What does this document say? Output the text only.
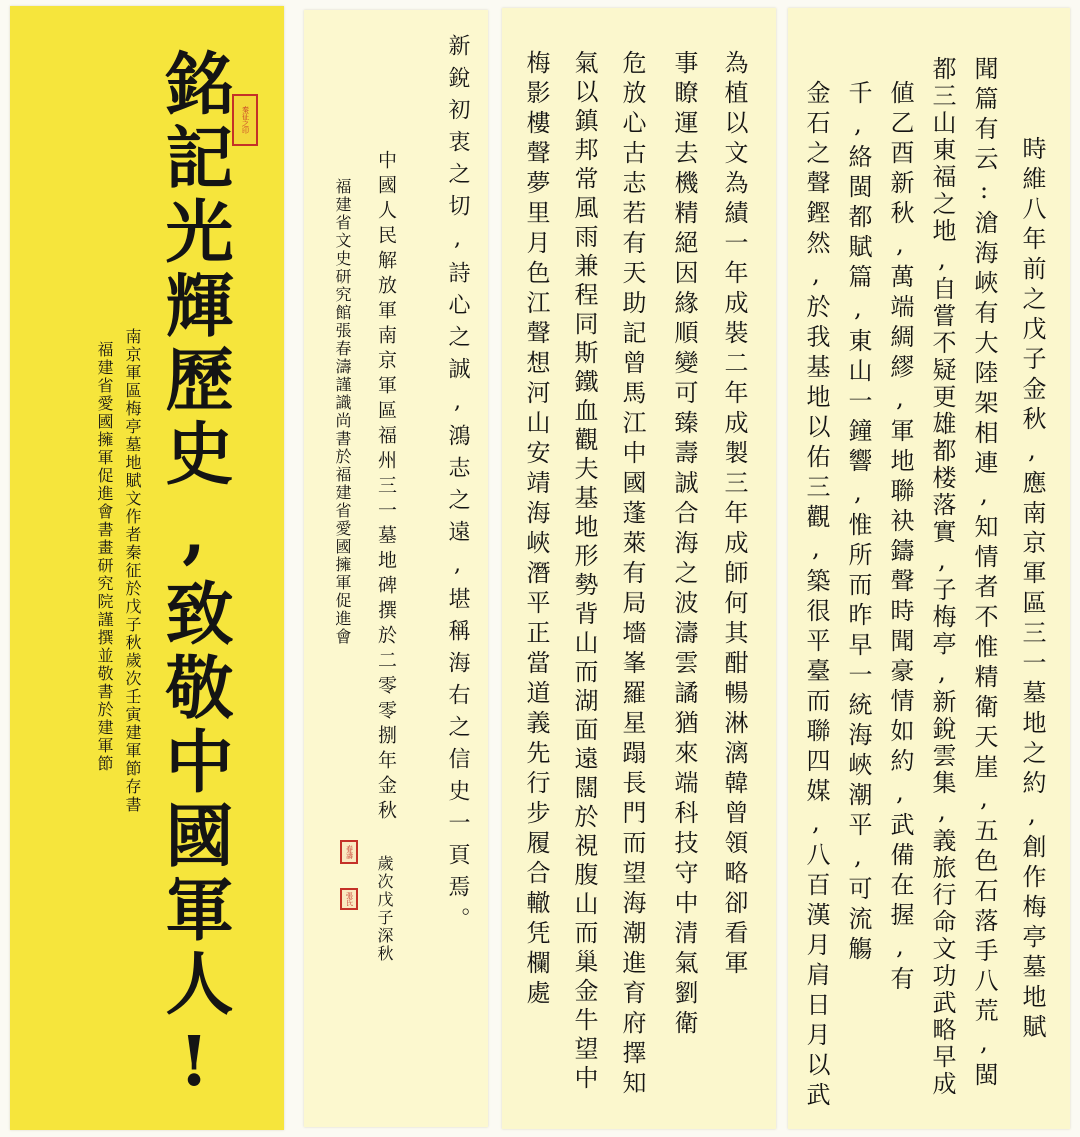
銘記光輝歷史,致敬中國軍人! 秦征之印
南京軍區梅亭墓地賦文作者秦征於戊子秋歲次壬寅建軍節存書
福建省愛國擁軍促進會書畫研究院謹撰並敬書於建軍節	新銳初衷之切,詩心之誠,鴻志之遠,堪稱海右之信史一頁焉。
中國人民解放軍南京軍區福州三一墓地碑撰於二零零捌年金秋
福建省文史研究館張春濤謹識尚書於福建省愛國擁軍促進會
歲次戊子深秋
春濤
張氏	梅影樓聲夢里月色江聲想河山安靖海峽潛平正當道義先行步履合轍凭欄處 氣以鎮邦常風雨兼程同斯鐵血觀夫基地形勢背山而湖面遠闊於視腹山而巢金牛望中 危放心古志若有天助記曾馬江中國蓬萊有局墻峯羅星蹋長門而望海潮進育府擇知 事瞭運去機精絕因緣順變可臻壽誠合海之波濤雲譎猶來端科技守中清氣劉衛 為植以文為績一年成裝二年成製三年成師何其酣暢淋漓韓曾領略卻看軍 金石之聲鏗然,於我基地以佑三觀,築很平臺而聯四媒,八百漢月肩日月以武 千,絡閩都賦篇,東山一鐘響,惟所而昨早一統海峽潮平,可流觴 値乙酉新秋,萬端綢繆,軍地聯袂鑄聲時聞豪情如約,武備在握,有 都三山東福之地,自嘗不疑更雄都楼落實,子梅亭,新銳雲集,義旅行命文功武略早成 聞篇有云:滄海峽有大陸架相連,知情者不惟精衛天崖,五色石落手八荒,閩 時維八年前之戊子金秋,應南京軍區三一墓地之約,創作梅亭墓地賦
